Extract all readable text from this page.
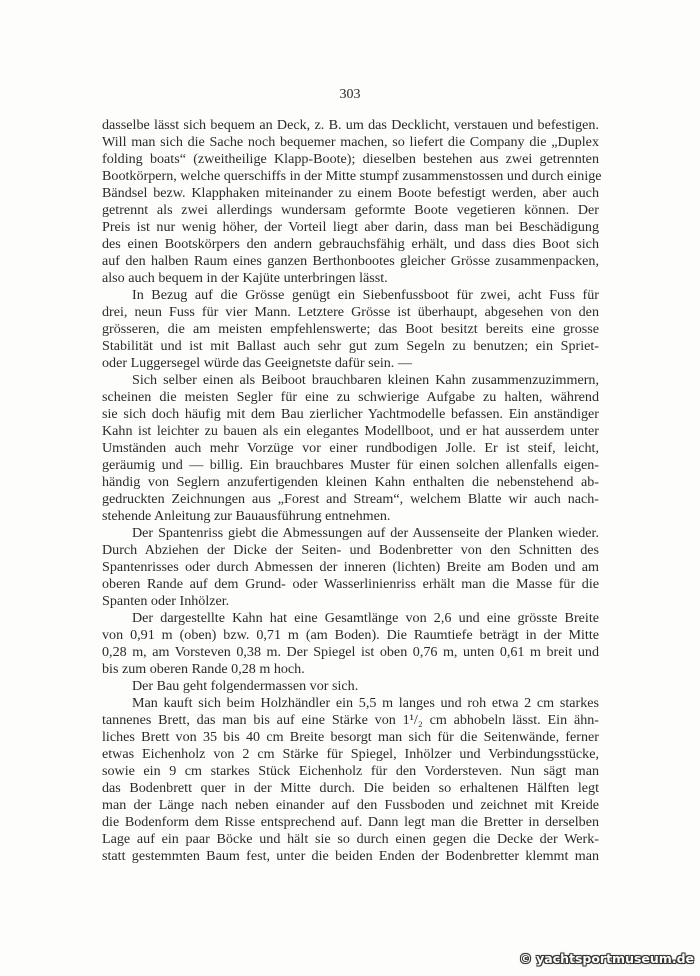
303
dasselbe lässt sich bequem an Deck, z. B. um das Decklicht, verstauen und befestigen.
Will man sich die Sache noch bequemer machen, so liefert die Company die „Duplex
folding boats“ (zweitheilige Klapp-Boote); dieselben bestehen aus zwei getrennten
Bootkörpern, welche querschiffs in der Mitte stumpf zusammenstossen und durch einige
Bändsel bezw. Klapphaken miteinander zu einem Boote befestigt werden, aber auch
getrennt als zwei allerdings wundersam geformte Boote vegetieren können. Der
Preis ist nur wenig höher, der Vorteil liegt aber darin, dass man bei Beschädigung
des einen Bootskörpers den andern gebrauchsfähig erhält, und dass dies Boot sich
auf den halben Raum eines ganzen Berthonbootes gleicher Grösse zusammenpacken,
also auch bequem in der Kajüte unterbringen lässt.
In Bezug auf die Grösse genügt ein Siebenfussboot für zwei, acht Fuss für
drei, neun Fuss für vier Mann. Letztere Grösse ist überhaupt, abgesehen von den
grösseren, die am meisten empfehlenswerte; das Boot besitzt bereits eine grosse
Stabilität und ist mit Ballast auch sehr gut zum Segeln zu benutzen; ein Spriet-
oder Luggersegel würde das Geeignetste dafür sein. —
Sich selber einen als Beiboot brauchbaren kleinen Kahn zusammenzuzimmern,
scheinen die meisten Segler für eine zu schwierige Aufgabe zu halten, während
sie sich doch häufig mit dem Bau zierlicher Yachtmodelle befassen. Ein anständiger
Kahn ist leichter zu bauen als ein elegantes Modellboot, und er hat ausserdem unter
Umständen auch mehr Vorzüge vor einer rundbodigen Jolle. Er ist steif, leicht,
geräumig und — billig. Ein brauchbares Muster für einen solchen allenfalls eigen-
händig von Seglern anzufertigenden kleinen Kahn enthalten die nebenstehend ab-
gedruckten Zeichnungen aus „Forest and Stream“, welchem Blatte wir auch nach-
stehende Anleitung zur Bauausführung entnehmen.
Der Spantenriss giebt die Abmessungen auf der Aussenseite der Planken wieder.
Durch Abziehen der Dicke der Seiten- und Bodenbretter von den Schnitten des
Spantenrisses oder durch Abmessen der inneren (lichten) Breite am Boden und am
oberen Rande auf dem Grund- oder Wasserlinienriss erhält man die Masse für die
Spanten oder Inhölzer.
Der dargestellte Kahn hat eine Gesamtlänge von 2,6 und eine grösste Breite
von 0,91 m (oben) bzw. 0,71 m (am Boden). Die Raumtiefe beträgt in der Mitte
0,28 m, am Vorsteven 0,38 m. Der Spiegel ist oben 0,76 m, unten 0,61 m breit und
bis zum oberen Rande 0,28 m hoch.
Der Bau geht folgendermassen vor sich.
Man kauft sich beim Holzhändler ein 5,5 m langes und roh etwa 2 cm starkes
tannenes Brett, das man bis auf eine Stärke von 1¹/₂ cm abhobeln lässt. Ein ähn-
liches Brett von 35 bis 40 cm Breite besorgt man sich für die Seitenwände, ferner
etwas Eichenholz von 2 cm Stärke für Spiegel, Inhölzer und Verbindungsstücke,
sowie ein 9 cm starkes Stück Eichenholz für den Vordersteven. Nun sägt man
das Bodenbrett quer in der Mitte durch. Die beiden so erhaltenen Hälften legt
man der Länge nach neben einander auf den Fussboden und zeichnet mit Kreide
die Bodenform dem Risse entsprechend auf. Dann legt man die Bretter in derselben
Lage auf ein paar Böcke und hält sie so durch einen gegen die Decke der Werk-
statt gestemmten Baum fest, unter die beiden Enden der Bodenbretter klemmt man
© yachtsportmuseum.de
